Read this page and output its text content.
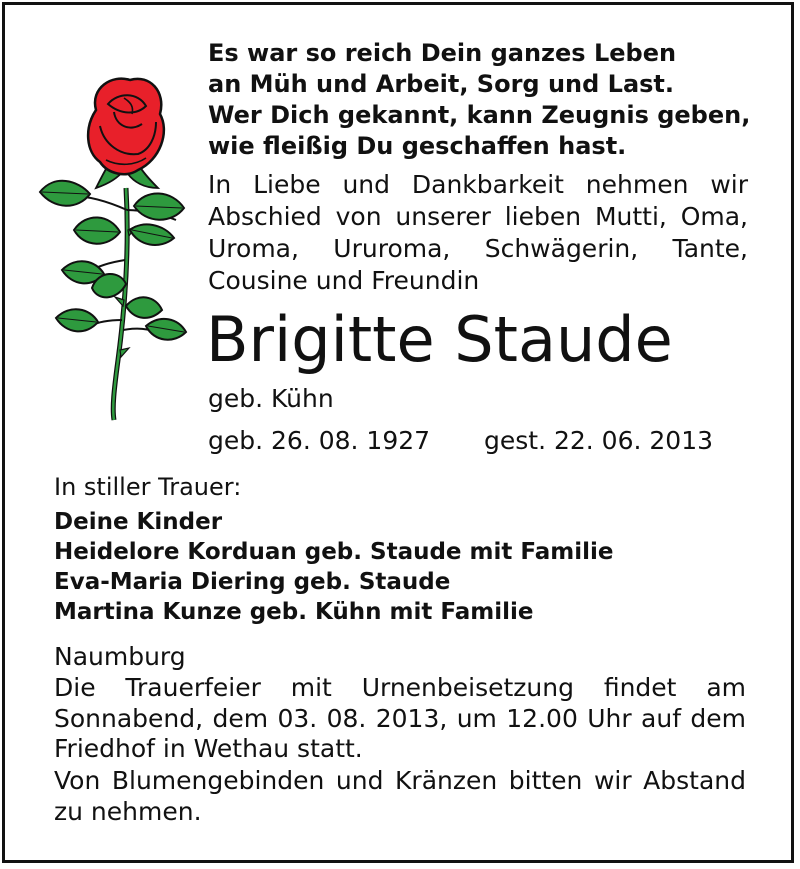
Es war so reich Dein ganzes Leben
an Müh und Arbeit, Sorg und Last.
Wer Dich gekannt, kann Zeugnis geben,
wie fleißig Du geschaffen hast.
In Liebe und Dankbarkeit nehmen wir
Abschied von unserer lieben Mutti, Oma,
Uroma, Ururoma, Schwägerin, Tante,
Cousine und Freundin
Brigitte Staude
geb. Kühn
geb. 26. 08. 1927 gest. 22. 06. 2013
In stiller Trauer:
Deine Kinder
Heidelore Korduan geb. Staude mit Familie
Eva-Maria Diering geb. Staude
Martina Kunze geb. Kühn mit Familie
Naumburg
Die Trauerfeier mit Urnenbeisetzung findet am
Sonnabend, dem 03. 08. 2013, um 12.00 Uhr auf dem
Friedhof in Wethau statt.
Von Blumengebinden und Kränzen bitten wir Abstand
zu nehmen.
